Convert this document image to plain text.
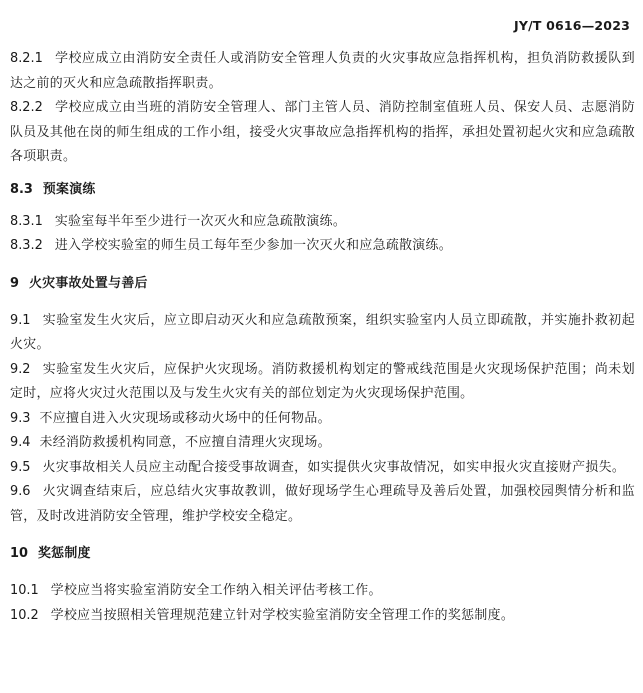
JY/T 0616—2023
8.2.1 学校应成立由消防安全责任人或消防安全管理人负责的火灾事故应急指挥机构，担负消防救援队到达之前的灭火和应急疏散指挥职责。
8.2.2 学校应成立由当班的消防安全管理人、部门主管人员、消防控制室值班人员、保安人员、志愿消防队员及其他在岗的师生组成的工作小组，接受火灾事故应急指挥机构的指挥，承担处置初起火灾和应急疏散各项职责。
8.3 预案演练
8.3.1 实验室每半年至少进行一次灭火和应急疏散演练。
8.3.2 进入学校实验室的师生员工每年至少参加一次灭火和应急疏散演练。
9 火灾事故处置与善后
9.1 实验室发生火灾后，应立即启动灭火和应急疏散预案，组织实验室内人员立即疏散，并实施扑救初起火灾。
9.2 实验室发生火灾后，应保护火灾现场。消防救援机构划定的警戒线范围是火灾现场保护范围；尚未划定时，应将火灾过火范围以及与发生火灾有关的部位划定为火灾现场保护范围。
9.3 不应擅自进入火灾现场或移动火场中的任何物品。
9.4 未经消防救援机构同意，不应擅自清理火灾现场。
9.5 火灾事故相关人员应主动配合接受事故调查，如实提供火灾事故情况，如实申报火灾直接财产损失。
9.6 火灾调查结束后，应总结火灾事故教训，做好现场学生心理疏导及善后处置，加强校园舆情分析和监管，及时改进消防安全管理，维护学校安全稳定。
10 奖惩制度
10.1 学校应当将实验室消防安全工作纳入相关评估考核工作。
10.2 学校应当按照相关管理规范建立针对学校实验室消防安全管理工作的奖惩制度。
